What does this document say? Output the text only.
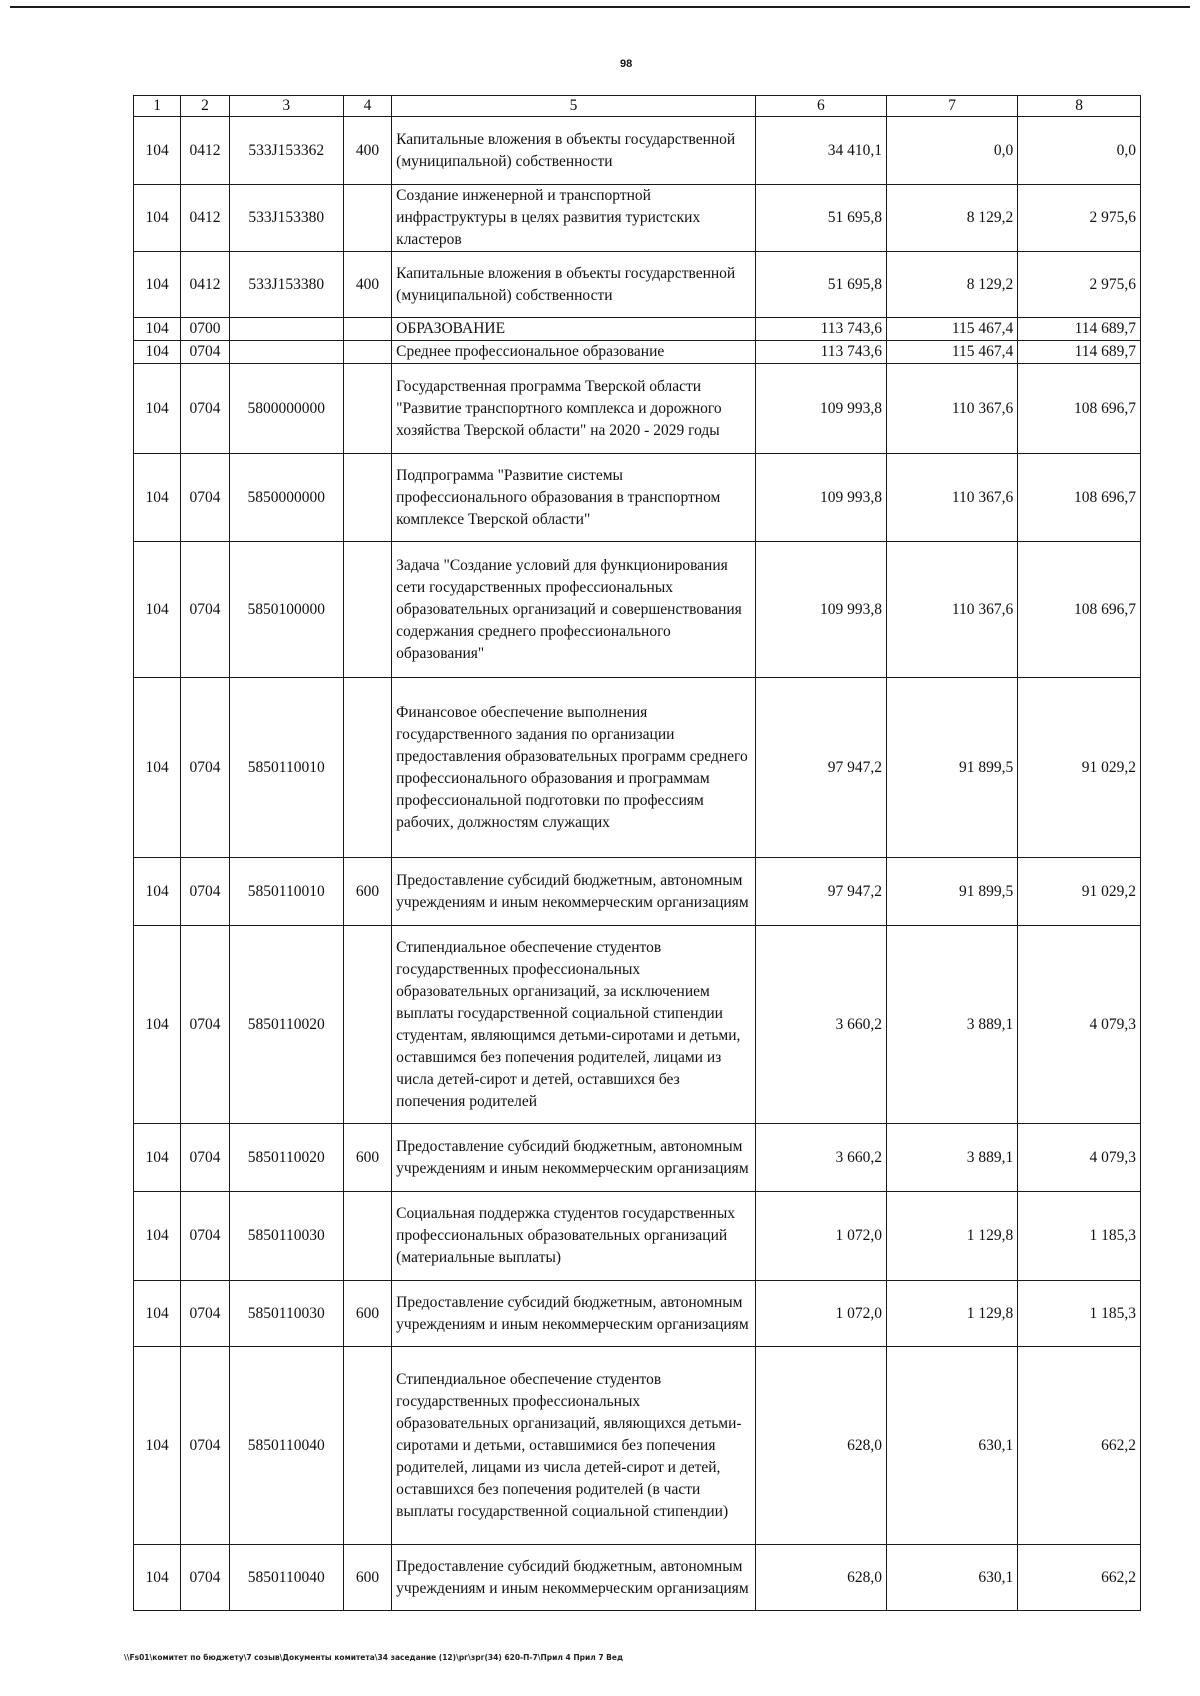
98
1	2	3	4	5	6	7	8
104	0412	533J153362	400	Капитальные вложения в объекты государственной (муниципальной) собственности	34 410,1	0,0	0,0
104	0412	533J153380		Создание инженерной и транспортной инфраструктуры в целях развития туристских кластеров	51 695,8	8 129,2	2 975,6
104	0412	533J153380	400	Капитальные вложения в объекты государственной (муниципальной) собственности	51 695,8	8 129,2	2 975,6
104	0700			ОБРАЗОВАНИЕ	113 743,6	115 467,4	114 689,7
104	0704			Среднее профессиональное образование	113 743,6	115 467,4	114 689,7
104	0704	5800000000		Государственная программа Тверской области "Развитие транспортного комплекса и дорожного хозяйства Тверской области" на 2020 - 2029 годы	109 993,8	110 367,6	108 696,7
104	0704	5850000000		Подпрограмма "Развитие системы профессионального образования в транспортном комплексе Тверской области"	109 993,8	110 367,6	108 696,7
104	0704	5850100000		Задача "Создание условий для функционирования сети государственных профессиональных образовательных организаций и совершенствования содержания среднего профессионального образования"	109 993,8	110 367,6	108 696,7
104	0704	5850110010		Финансовое обеспечение выполнения государственного задания по организации предоставления образовательных программ среднего профессионального образования и программам профессиональной подготовки по профессиям рабочих, должностям служащих	97 947,2	91 899,5	91 029,2
104	0704	5850110010	600	Предоставление субсидий бюджетным, автономным учреждениям и иным некоммерческим организациям	97 947,2	91 899,5	91 029,2
104	0704	5850110020		Стипендиальное обеспечение студентов государственных профессиональных образовательных организаций, за исключением выплаты государственной социальной стипендии студентам, являющимся детьми-сиротами и детьми, оставшимся без попечения родителей, лицами из числа детей-сирот и детей, оставшихся без попечения родителей	3 660,2	3 889,1	4 079,3
104	0704	5850110020	600	Предоставление субсидий бюджетным, автономным учреждениям и иным некоммерческим организациям	3 660,2	3 889,1	4 079,3
104	0704	5850110030		Социальная поддержка студентов государственных профессиональных образовательных организаций (материальные выплаты)	1 072,0	1 129,8	1 185,3
104	0704	5850110030	600	Предоставление субсидий бюджетным, автономным учреждениям и иным некоммерческим организациям	1 072,0	1 129,8	1 185,3
104	0704	5850110040		Стипендиальное обеспечение студентов государственных профессиональных образовательных организаций, являющихся детьми-сиротами и детьми, оставшимися без попечения родителей, лицами из числа детей-сирот и детей, оставшихся без попечения родителей (в части выплаты государственной социальной стипендии)	628,0	630,1	662,2
104	0704	5850110040	600	Предоставление субсидий бюджетным, автономным учреждениям и иным некоммерческим организациям	628,0	630,1	662,2
\\Fs01\комитет по бюджету\7 созыв\Документы комитета\34 заседание (12)\рг\зрг(34) 620-П-7\Прил 4 Прил 7 Вед
